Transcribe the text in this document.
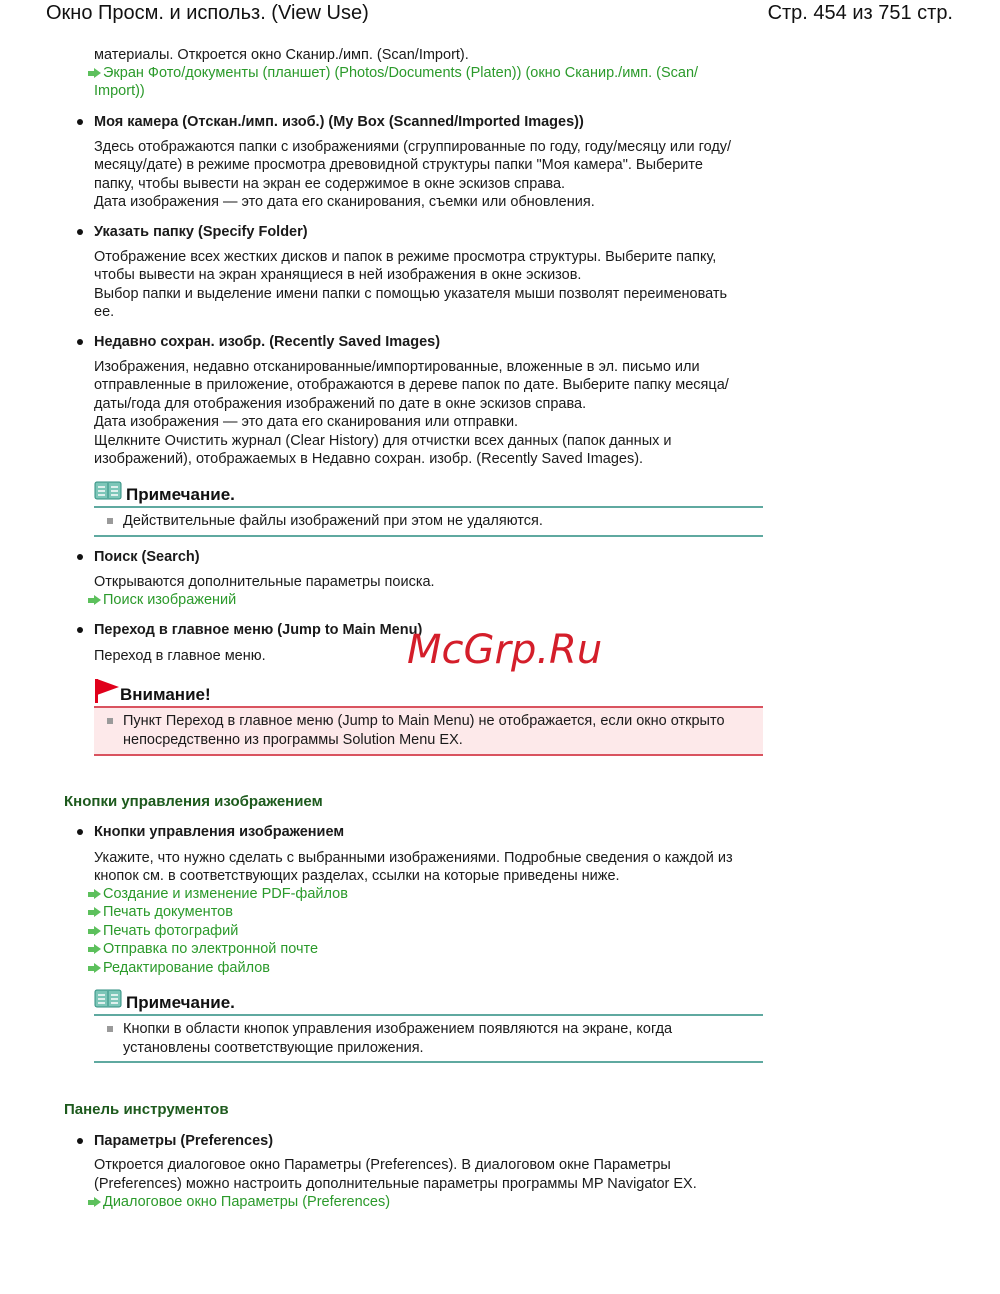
Окно Просм. и использ. (View Use)	Стр. 454 из 751 стр.
материалы. Откроется окно Сканир./имп. (Scan/Import).
Экран Фото/документы (планшет) (Photos/Documents (Platen)) (окно Сканир./имп. (Scan/
Import))
Моя камера (Отскан./имп. изоб.) (My Box (Scanned/Imported Images))
Здесь отображаются папки с изображениями (сгруппированные по году, году/месяцу или году/
месяцу/дате) в режиме просмотра древовидной структуры папки "Моя камера". Выберите
папку, чтобы вывести на экран ее содержимое в окне эскизов справа.
Дата изображения — это дата его сканирования, съемки или обновления.
Указать папку (Specify Folder)
Отображение всех жестких дисков и папок в режиме просмотра структуры. Выберите папку,
чтобы вывести на экран хранящиеся в ней изображения в окне эскизов.
Выбор папки и выделение имени папки с помощью указателя мыши позволят переименовать
ее.
Недавно сохран. изобр. (Recently Saved Images)
Изображения, недавно отсканированные/импортированные, вложенные в эл. письмо или
отправленные в приложение, отображаются в дереве папок по дате. Выберите папку месяца/
даты/года для отображения изображений по дате в окне эскизов справа.
Дата изображения — это дата его сканирования или отправки.
Щелкните Очистить журнал (Clear History) для отчистки всех данных (папок данных и
изображений), отображаемых в Недавно сохран. изобр. (Recently Saved Images).
Примечание.
Действительные файлы изображений при этом не удаляются.
Поиск (Search)
Открываются дополнительные параметры поиска.
Поиск изображений
Переход в главное меню (Jump to Main Menu)
Переход в главное меню.
Внимание!
Пункт Переход в главное меню (Jump to Main Menu) не отображается, если окно открыто
непосредственно из программы Solution Menu EX.
McGrp.Ru
Кнопки управления изображением
Кнопки управления изображением
Укажите, что нужно сделать с выбранными изображениями. Подробные сведения о каждой из
кнопок см. в соответствующих разделах, ссылки на которые приведены ниже.
Создание и изменение PDF-файлов
Печать документов
Печать фотографий
Отправка по электронной почте
Редактирование файлов
Примечание.
Кнопки в области кнопок управления изображением появляются на экране, когда
установлены соответствующие приложения.
Панель инструментов
Параметры (Preferences)
Откроется диалоговое окно Параметры (Preferences). В диалоговом окне Параметры
(Preferences) можно настроить дополнительные параметры программы MP Navigator EX.
Диалоговое окно Параметры (Preferences)
